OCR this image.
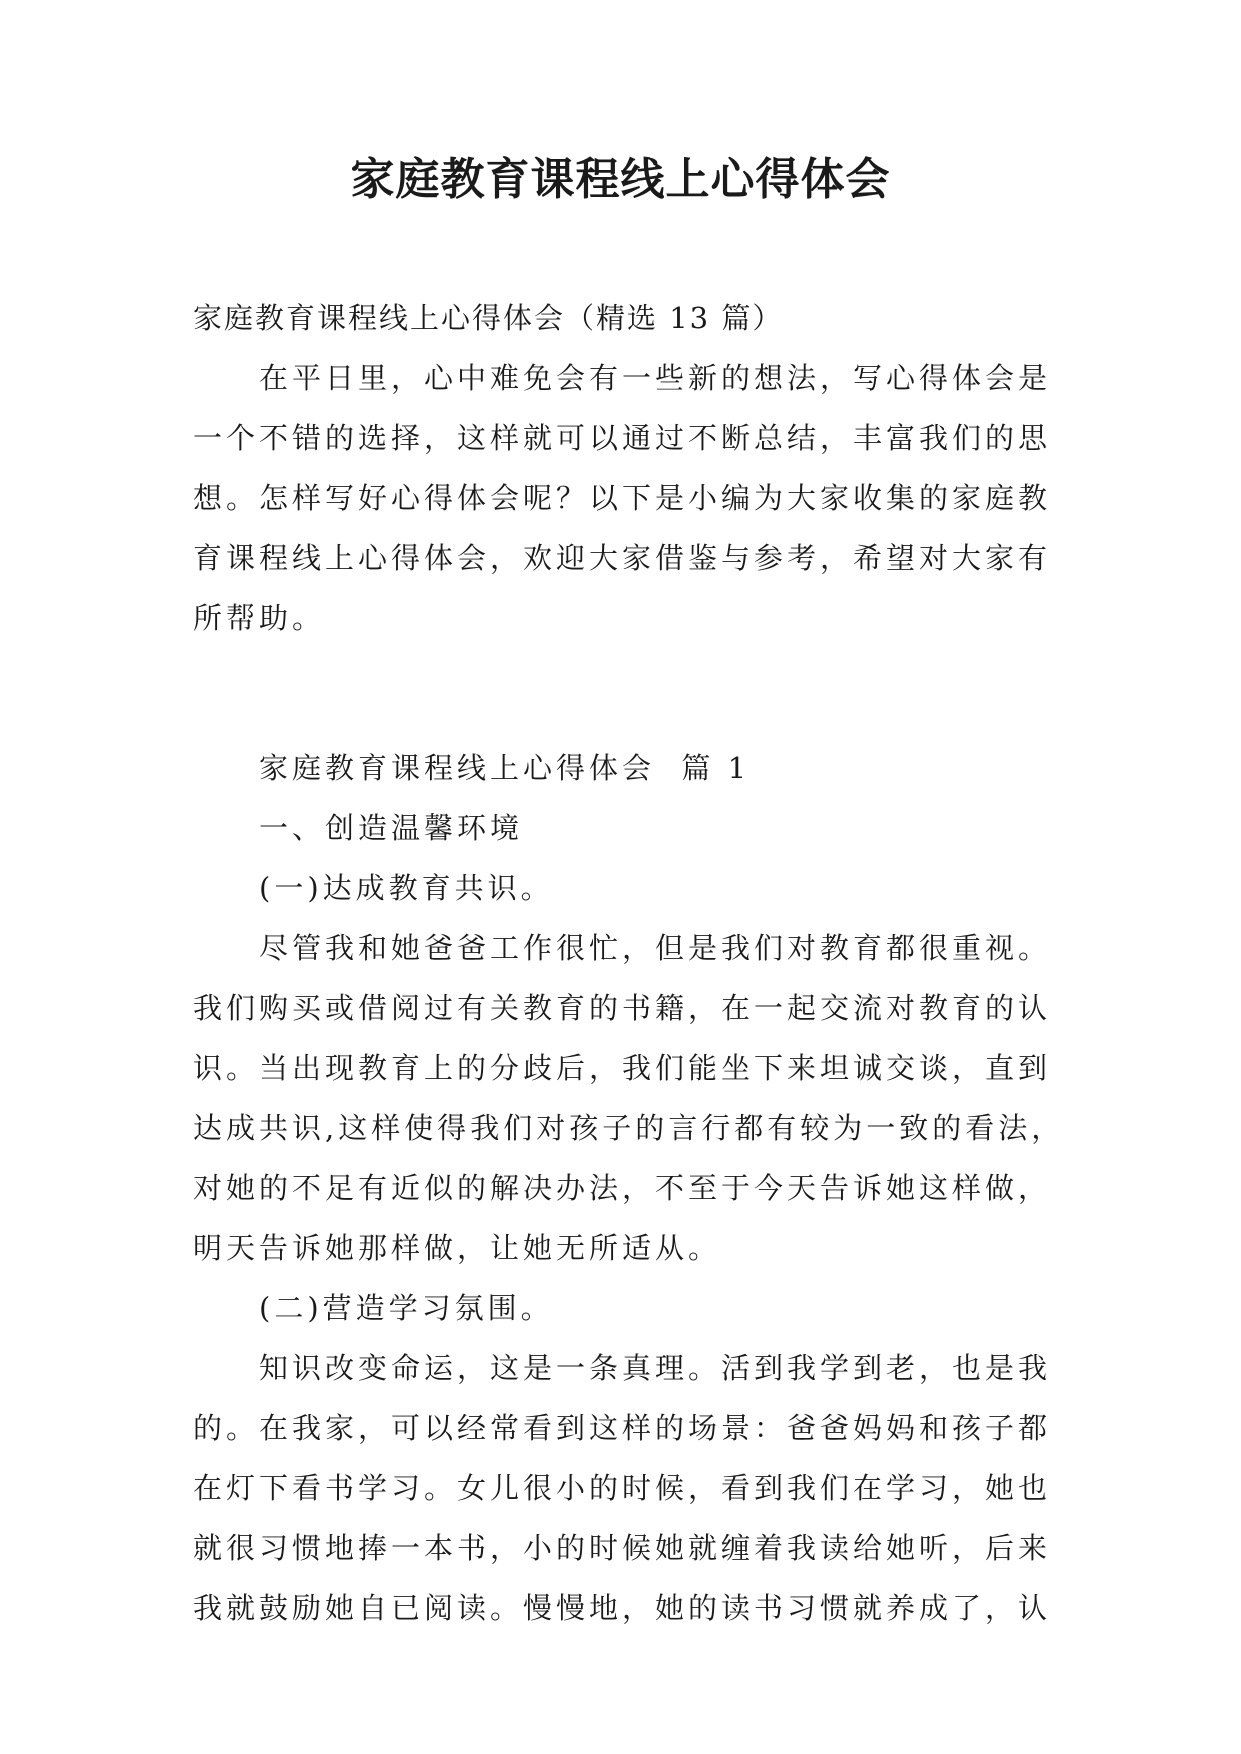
家庭教育课程线上心得体会

家庭教育课程线上心得体会（精选 13 篇）

在平日里，心中难免会有一些新的想法，写心得体会是

一个不错的选择，这样就可以通过不断总结，丰富我们的思

想。怎样写好心得体会呢？以下是小编为大家收集的家庭教

育课程线上心得体会，欢迎大家借鉴与参考，希望对大家有

所帮助。

家庭教育课程线上心得体会  篇 1

一、创造温馨环境

(一)达成教育共识。

尽管我和她爸爸工作很忙，但是我们对教育都很重视。

我们购买或借阅过有关教育的书籍，在一起交流对教育的认

识。当出现教育上的分歧后，我们能坐下来坦诚交谈，直到

达成共识,这样使得我们对孩子的言行都有较为一致的看法，

对她的不足有近似的解决办法，不至于今天告诉她这样做，

明天告诉她那样做，让她无所适从。

(二)营造学习氛围。

知识改变命运，这是一条真理。活到我学到老，也是我

的。在我家，可以经常看到这样的场景：爸爸妈妈和孩子都

在灯下看书学习。女儿很小的时候，看到我们在学习，她也

就很习惯地捧一本书，小的时候她就缠着我读给她听，后来

我就鼓励她自已阅读。慢慢地，她的读书习惯就养成了，认
